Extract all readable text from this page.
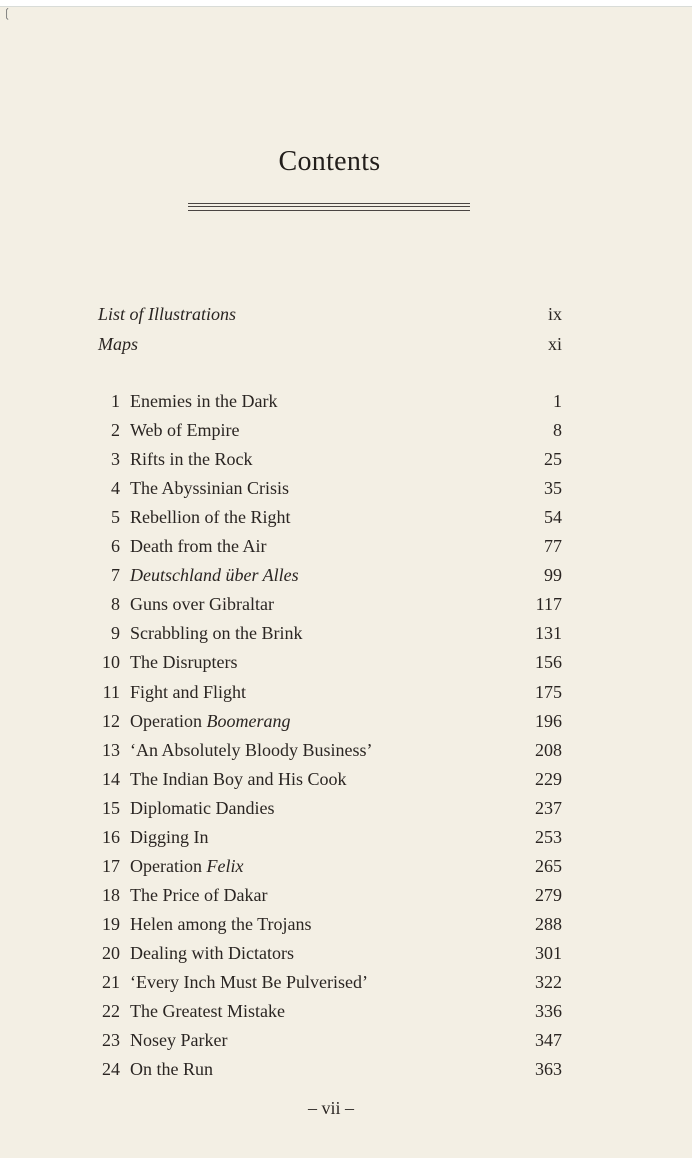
❲
Contents
List of Illustrations	ix
Maps	xi
1 Enemies in the Dark	1
2 Web of Empire	8
3 Rifts in the Rock	25
4 The Abyssinian Crisis	35
5 Rebellion of the Right	54
6 Death from the Air	77
7 Deutschland über Alles	99
8 Guns over Gibraltar	117
9 Scrabbling on the Brink	131
10 The Disrupters	156
11 Fight and Flight	175
12 Operation Boomerang	196
13 ‘An Absolutely Bloody Business’	208
14 The Indian Boy and His Cook	229
15 Diplomatic Dandies	237
16 Digging In	253
17 Operation Felix	265
18 The Price of Dakar	279
19 Helen among the Trojans	288
20 Dealing with Dictators	301
21 ‘Every Inch Must Be Pulverised’	322
22 The Greatest Mistake	336
23 Nosey Parker	347
24 On the Run	363
– vii –
